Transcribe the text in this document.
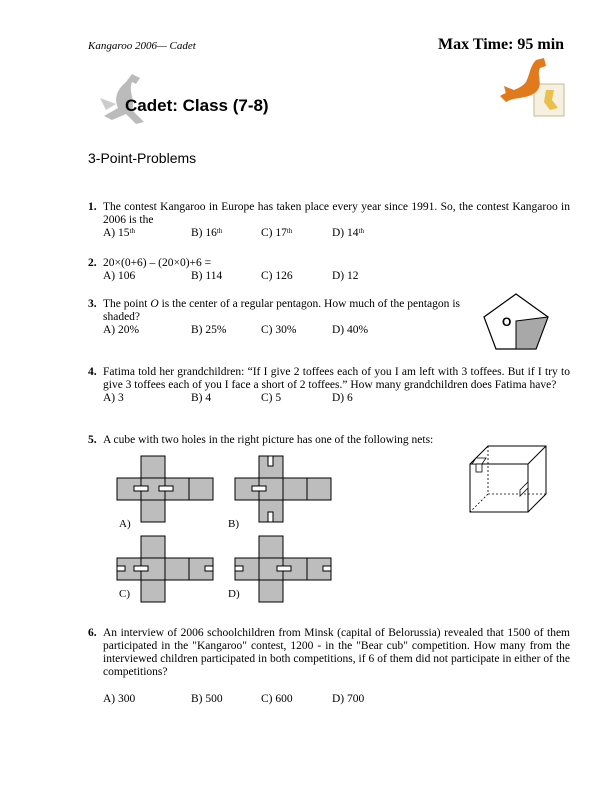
Kangaroo 2006— Cadet	Max Time: 95 min
Cadet: Class (7-8)
3-Point-Problems
1. The contest Kangaroo in Europe has taken place every year since 1991. So, the contest Kangaroo in 2006 is the
A) 15th	B) 16th	C) 17th	D) 14th
2. 20×(0+6) – (20×0)+6 =
A) 106	B) 114	C) 126	D) 12
3. The point O is the center of a regular pentagon. How much of the pentagon is shaded?
A) 20%	B) 25%	C) 30%	D) 40%
O
4. Fatima told her grandchildren: “If I give 2 toffees each of you I am left with 3 toffees. But if I try to give 3 toffees each of you I face a short of 2 toffees.” How many grandchildren does Fatima have?
A) 3	B) 4	C) 5	D) 6
5. A cube with two holes in the right picture has one of the following nets:
A)	B)
C)	D)
6. An interview of 2006 schoolchildren from Minsk (capital of Belorussia) revealed that 1500 of them participated in the "Kangaroo" contest, 1200 - in the "Bear cub" competition. How many from the interviewed children participated in both competitions, if 6 of them did not participate in either of the competitions?
A) 300	B) 500	C) 600	D) 700
